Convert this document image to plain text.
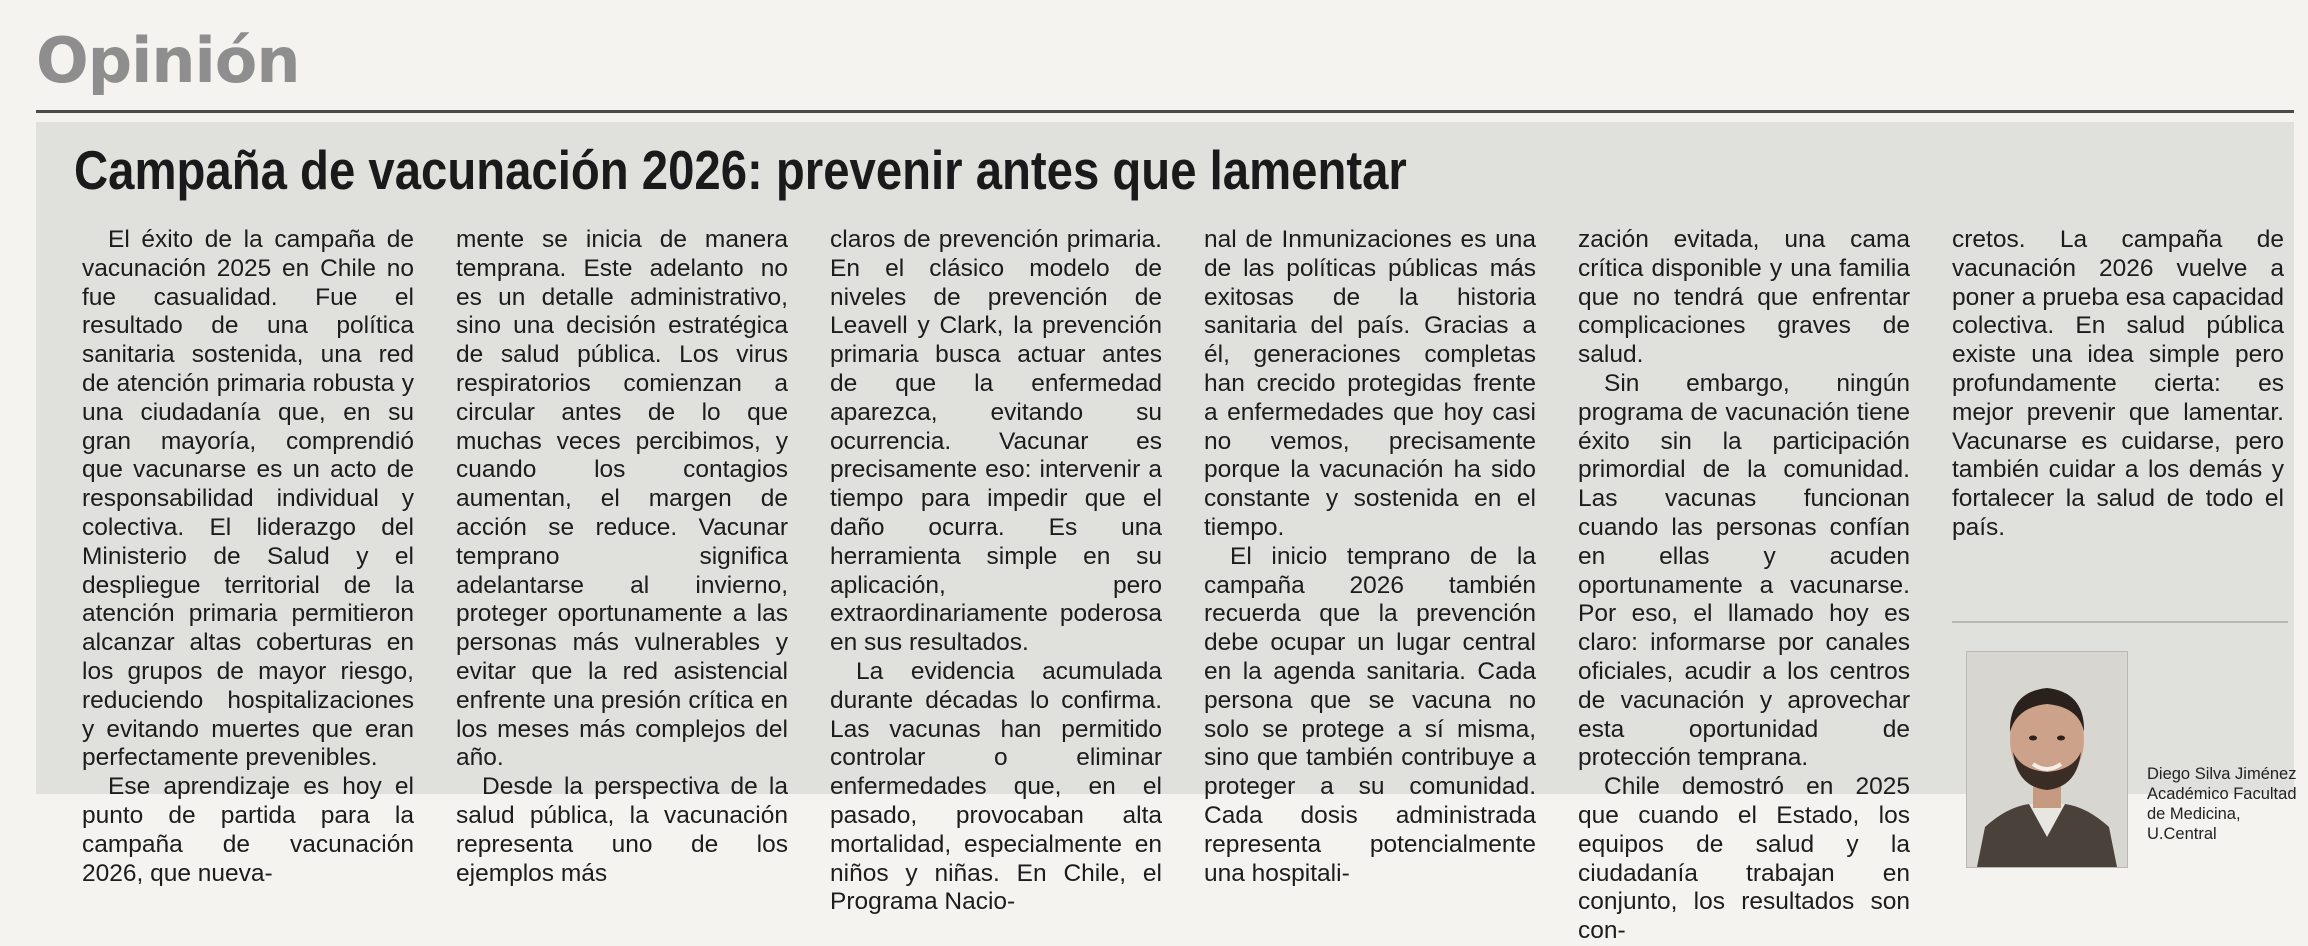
Opinión
Campaña de vacunación 2026: prevenir antes que lamentar

El éxito de la campaña de vacunación 2025 en Chile no fue casualidad. Fue el resultado de una política sanitaria sostenida, una red de atención primaria robusta y una ciudadanía que, en su gran mayoría, comprendió que vacunarse es un acto de responsabilidad individual y colectiva. El liderazgo del Ministerio de Salud y el despliegue territorial de la atención primaria permitieron alcanzar altas coberturas en los grupos de mayor riesgo, reduciendo hospitalizaciones y evitando muertes que eran perfectamente prevenibles.

Ese aprendizaje es hoy el punto de partida para la campaña de vacunación 2026, que nueva-

mente se inicia de manera temprana. Este adelanto no es un detalle administrativo, sino una decisión estratégica de salud pública. Los virus respiratorios comienzan a circular antes de lo que muchas veces percibimos, y cuando los contagios aumentan, el margen de acción se reduce. Vacunar temprano significa adelantarse al invierno, proteger oportunamente a las personas más vulnerables y evitar que la red asistencial enfrente una presión crítica en los meses más complejos del año.

Desde la perspectiva de la salud pública, la vacunación representa uno de los ejemplos más

claros de prevención primaria. En el clásico modelo de niveles de prevención de Leavell y Clark, la prevención primaria busca actuar antes de que la enfermedad aparezca, evitando su ocurrencia. Vacunar es precisamente eso: intervenir a tiempo para impedir que el daño ocurra. Es una herramienta simple en su aplicación, pero extraordinariamente poderosa en sus resultados.

La evidencia acumulada durante décadas lo confirma. Las vacunas han permitido controlar o eliminar enfermedades que, en el pasado, provocaban alta mortalidad, especialmente en niños y niñas. En Chile, el Programa Nacio-

nal de Inmunizaciones es una de las políticas públicas más exitosas de la historia sanitaria del país. Gracias a él, generaciones completas han crecido protegidas frente a enfermedades que hoy casi no vemos, precisamente porque la vacunación ha sido constante y sostenida en el tiempo.

El inicio temprano de la campaña 2026 también recuerda que la prevención debe ocupar un lugar central en la agenda sanitaria. Cada persona que se vacuna no solo se protege a sí misma, sino que también contribuye a proteger a su comunidad. Cada dosis administrada representa potencialmente una hospitali-

zación evitada, una cama crítica disponible y una familia que no tendrá que enfrentar complicaciones graves de salud.

Sin embargo, ningún programa de vacunación tiene éxito sin la participación primordial de la comunidad. Las vacunas funcionan cuando las personas confían en ellas y acuden oportunamente a vacunarse. Por eso, el llamado hoy es claro: informarse por canales oficiales, acudir a los centros de vacunación y aprovechar esta oportunidad de protección temprana.

Chile demostró en 2025 que cuando el Estado, los equipos de salud y la ciudadanía trabajan en conjunto, los resultados son con-

cretos. La campaña de vacunación 2026 vuelve a poner a prueba esa capacidad colectiva. En salud pública existe una idea simple pero profundamente cierta: es mejor prevenir que lamentar. Vacunarse es cuidarse, pero también cuidar a los demás y fortalecer la salud de todo el país.

Diego Silva Jiménez
Académico Facultad
de Medicina,
U.Central
